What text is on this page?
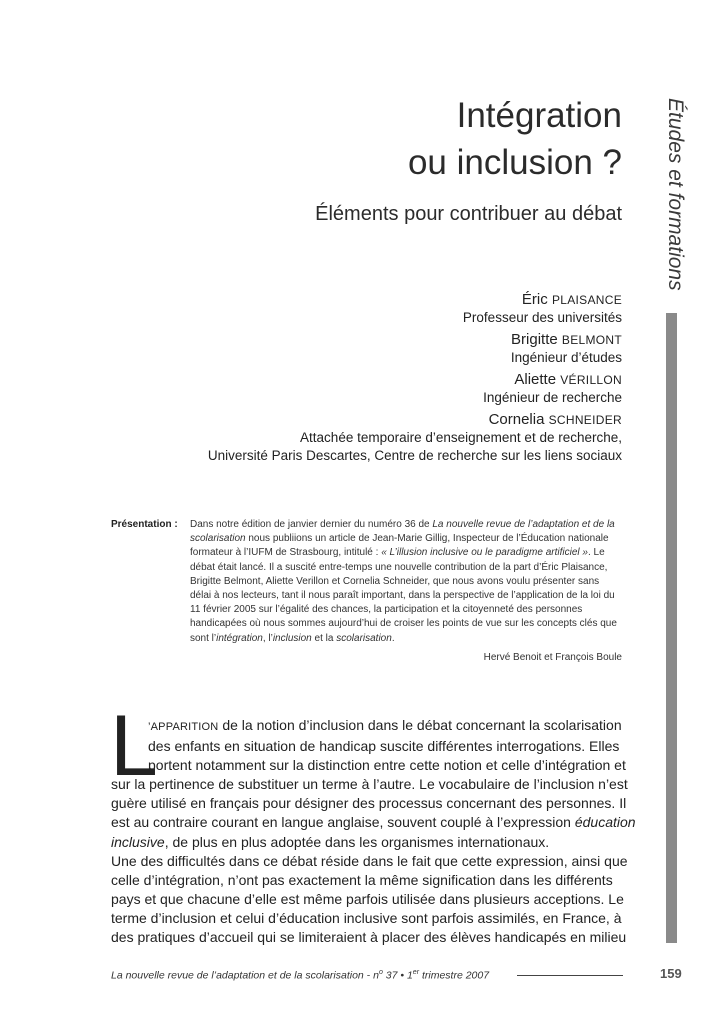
Études et formations
Intégration
ou inclusion ?
Éléments pour contribuer au débat
Éric PLAISANCE
Professeur des universités
Brigitte BELMONT
Ingénieur d’études
Aliette VÉRILLON
Ingénieur de recherche
Cornelia SCHNEIDER
Attachée temporaire d’enseignement et de recherche,
Université Paris Descartes, Centre de recherche sur les liens sociaux
Présentation : Dans notre édition de janvier dernier du numéro 36 de La nouvelle revue de l’adaptation et de la scolarisation nous publiions un article de Jean-Marie Gillig, Inspecteur de l’Éducation nationale formateur à l’IUFM de Strasbourg, intitulé : « L’illusion inclusive ou le paradigme artificiel ». Le débat était lancé. Il a suscité entre-temps une nouvelle contribution de la part d’Éric Plaisance, Brigitte Belmont, Aliette Verillon et Cornelia Schneider, que nous avons voulu présenter sans délai à nos lecteurs, tant il nous paraît important, dans la perspective de l’application de la loi du 11 février 2005 sur l’égalité des chances, la participation et la citoyenneté des personnes handicapées où nous sommes aujourd’hui de croiser les points de vue sur les concepts clés que sont l’intégration, l’inclusion et la scolarisation.
Hervé Benoit et François Boule
L
’APPARITION de la notion d’inclusion dans le débat concernant la scolarisation
des enfants en situation de handicap suscite différentes interrogations. Elles
portent notamment sur la distinction entre cette notion et celle d’intégration et
sur la pertinence de substituer un terme à l’autre. Le vocabulaire de l’inclusion n’est
guère utilisé en français pour désigner des processus concernant des personnes. Il
est au contraire courant en langue anglaise, souvent couplé à l’expression éducation
inclusive, de plus en plus adoptée dans les organismes internationaux.
Une des difficultés dans ce débat réside dans le fait que cette expression, ainsi que
celle d’intégration, n’ont pas exactement la même signification dans les différents
pays et que chacune d’elle est même parfois utilisée dans plusieurs acceptions. Le
terme d’inclusion et celui d’éducation inclusive sont parfois assimilés, en France, à
des pratiques d’accueil qui se limiteraient à placer des élèves handicapés en milieu
La nouvelle revue de l’adaptation et de la scolarisation - $n^o$ 37 • 1er trimestre 2007	159
